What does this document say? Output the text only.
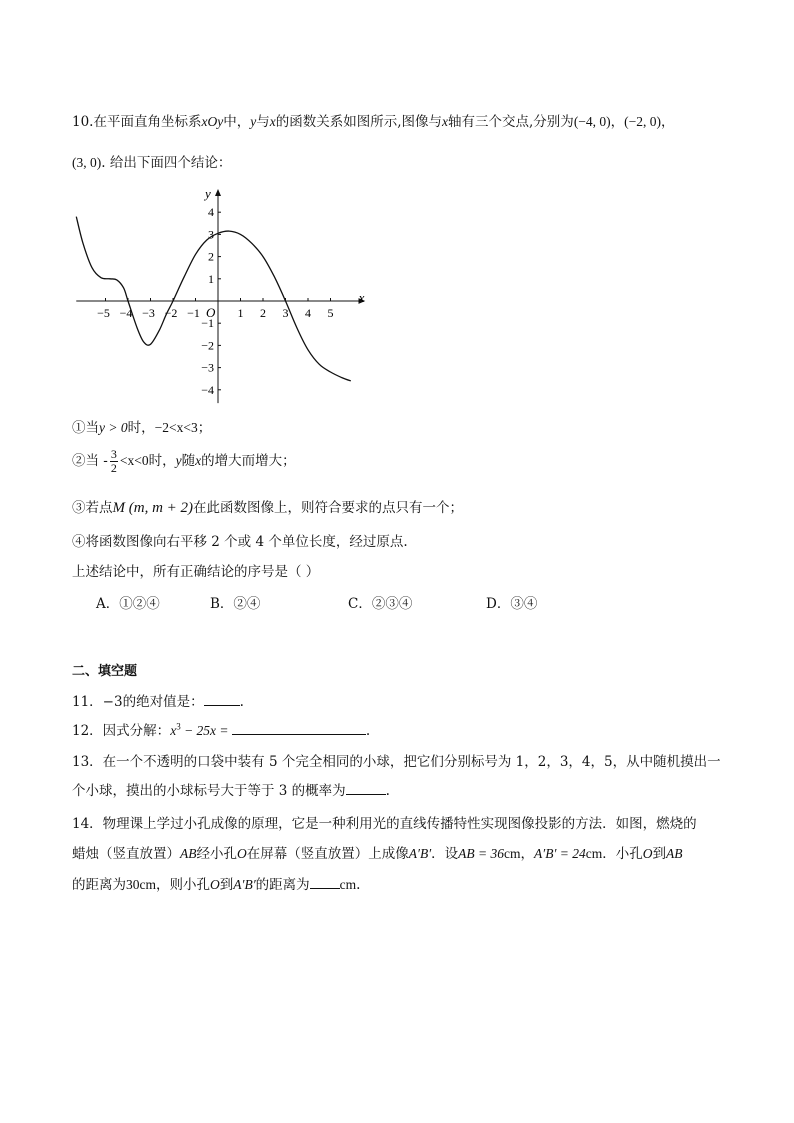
10.在平面直角坐标系xOy中，y与x的函数关系如图所示,图像与x轴有三个交点,分别为(−4, 0)，(−2, 0)，
(3, 0). 给出下面四个结论：
−5 −4 −3 −2 −1	1 2 3 4 5
4
3
2
1
−1
−2
−3
−4
x
y
O
①当y > 0时，−2<x<3；
②当 - $\frac{3}{2} <x<0$时，y随x的增大而增大；
③若点M (m, m + 2)在此函数图像上，则符合要求的点只有一个；
④将函数图像向右平移 2 个或 4 个单位长度，经过原点.
上述结论中，所有正确结论的序号是（ ）
A．①②④	B．②④	C．②③④	D．③④
二、填空题
11．−3的绝对值是：	.
12．因式分解：$x^3 - 25x$ =	.
13．在一个不透明的口袋中装有 5 个完全相同的小球，把它们分别标号为 1，2，3，4，5，从中随机摸出一
个小球，摸出的小球标号大于等于 3 的概率为	.
14．物理课上学过小孔成像的原理，它是一种利用光的直线传播特性实现图像投影的方法．如图，燃烧的
蜡烛（竖直放置）AB经小孔O在屏幕（竖直放置）上成像A′B′．设AB = 36cm，A′B′ = 24cm．小孔O到AB
的距离为30cm，则小孔O到A′B′的距离为 cm.
